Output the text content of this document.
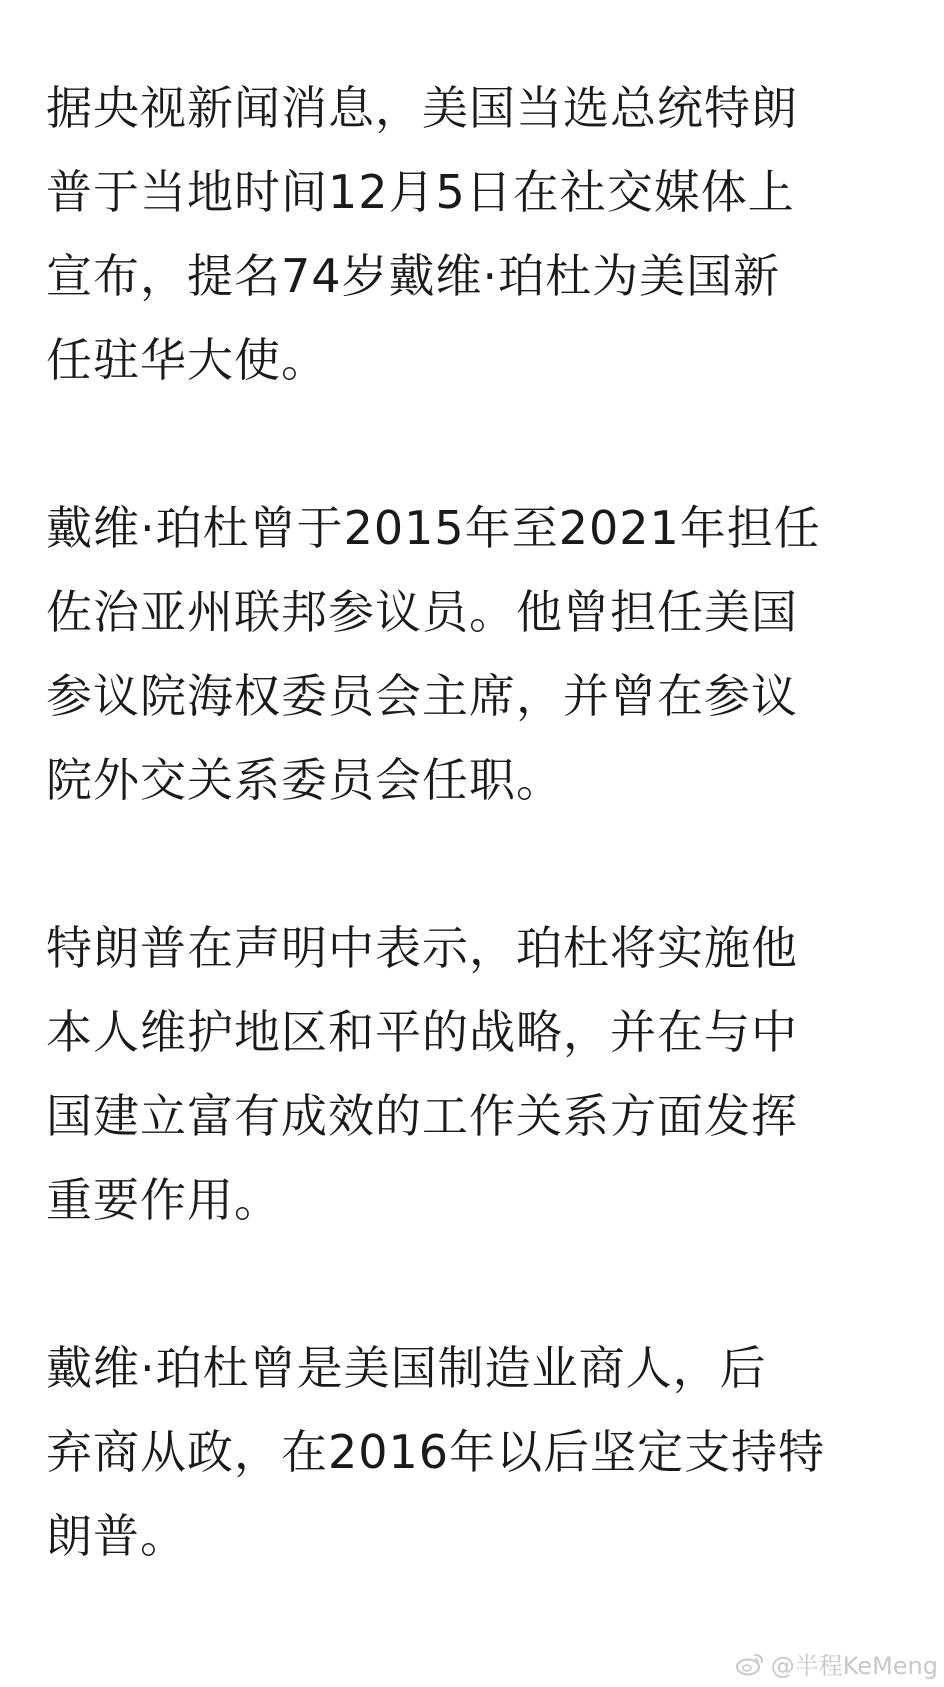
据央视新闻消息，美国当选总统特朗
普于当地时间12月5日在社交媒体上
宣布，提名74岁戴维·珀杜为美国新
任驻华大使。

戴维·珀杜曾于2015年至2021年担任
佐治亚州联邦参议员。他曾担任美国
参议院海权委员会主席，并曾在参议
院外交关系委员会任职。

特朗普在声明中表示，珀杜将实施他
本人维护地区和平的战略，并在与中
国建立富有成效的工作关系方面发挥
重要作用。

戴维·珀杜曾是美国制造业商人，后
弃商从政，在2016年以后坚定支持特
朗普。

@半程KeMeng
